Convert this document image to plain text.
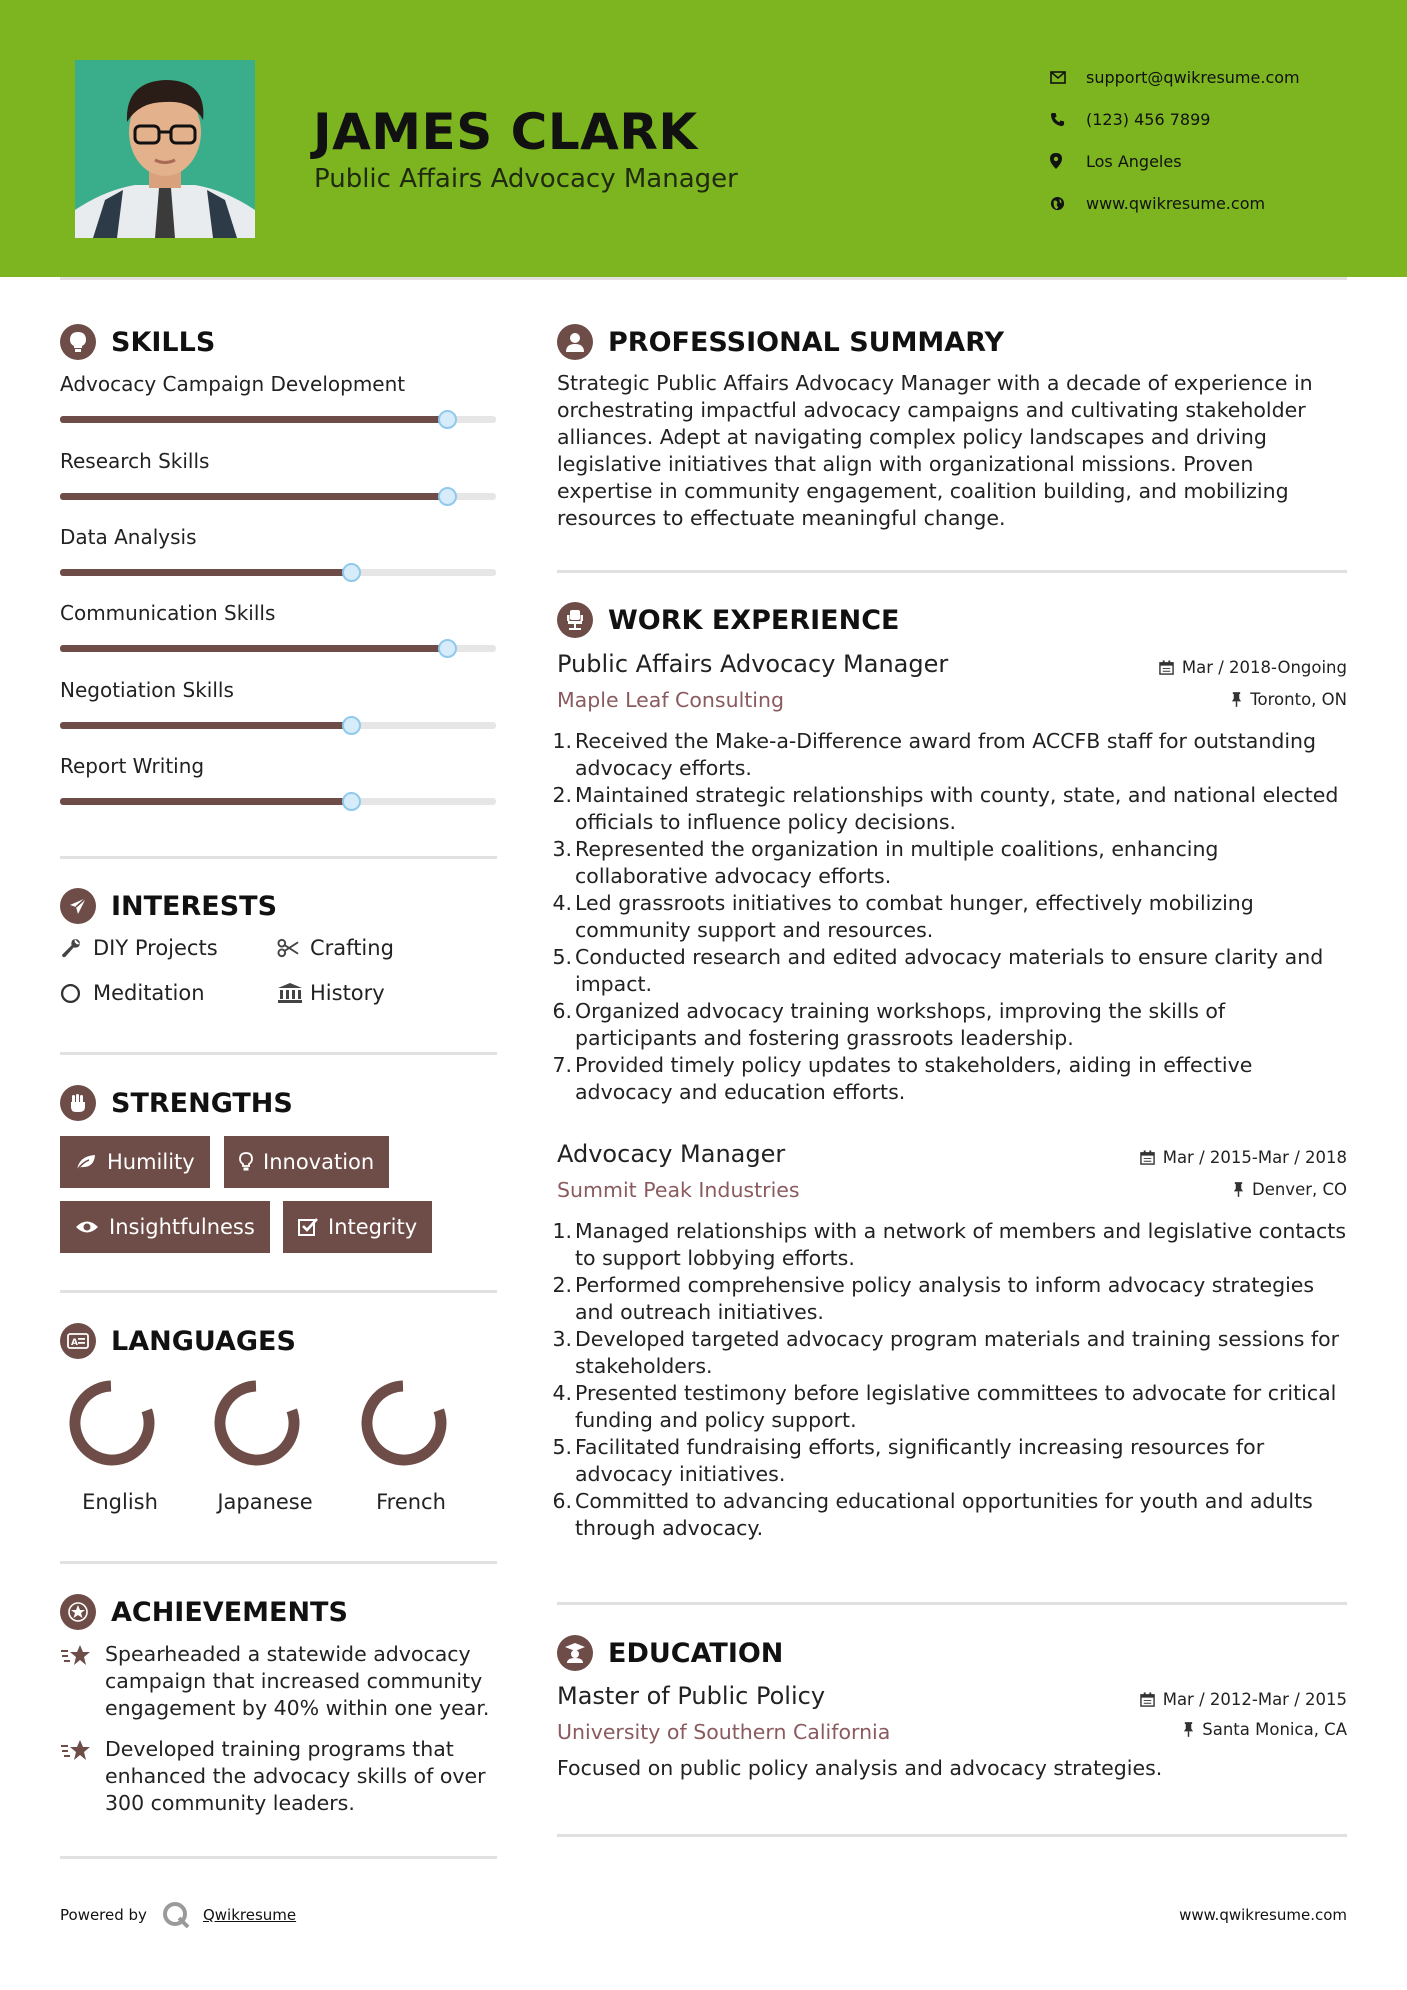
JAMES CLARK
Public Affairs Advocacy Manager
support@qwikresume.com
(123) 456 7899
Los Angeles
www.qwikresume.com
SKILLS
Advocacy Campaign Development
Research Skills
Data Analysis
Communication Skills
Negotiation Skills
Report Writing
INTERESTS
DIY Projects	Crafting
Meditation	History
STRENGTHS
Humility	Innovation
Insightfulness	Integrity
A LANGUAGES
English	Japanese	French
ACHIEVEMENTS
Spearheaded a statewide advocacy campaign that increased community engagement by 40% within one year.
Developed training programs that enhanced the advocacy skills of over 300 community leaders.
PROFESSIONAL SUMMARY
Strategic Public Affairs Advocacy Manager with a decade of experience in orchestrating impactful advocacy campaigns and cultivating stakeholder alliances. Adept at navigating complex policy landscapes and driving legislative initiatives that align with organizational missions. Proven expertise in community engagement, coalition building, and mobilizing resources to effectuate meaningful change.
WORK EXPERIENCE
Public Affairs Advocacy Manager	Mar / 2018-Ongoing
Maple Leaf Consulting	Toronto, ON
1. Received the Make-a-Difference award from ACCFB staff for outstanding advocacy efforts.
2. Maintained strategic relationships with county, state, and national elected officials to influence policy decisions.
3. Represented the organization in multiple coalitions, enhancing collaborative advocacy efforts.
4. Led grassroots initiatives to combat hunger, effectively mobilizing community support and resources.
5. Conducted research and edited advocacy materials to ensure clarity and impact.
6. Organized advocacy training workshops, improving the skills of participants and fostering grassroots leadership.
7. Provided timely policy updates to stakeholders, aiding in effective advocacy and education efforts.
Advocacy Manager	Mar / 2015-Mar / 2018
Summit Peak Industries	Denver, CO
1. Managed relationships with a network of members and legislative contacts to support lobbying efforts.
2. Performed comprehensive policy analysis to inform advocacy strategies and outreach initiatives.
3. Developed targeted advocacy program materials and training sessions for stakeholders.
4. Presented testimony before legislative committees to advocate for critical funding and policy support.
5. Facilitated fundraising efforts, significantly increasing resources for advocacy initiatives.
6. Committed to advancing educational opportunities for youth and adults through advocacy.
EDUCATION
Master of Public Policy	Mar / 2012-Mar / 2015
University of Southern California	Santa Monica, CA
Focused on public policy analysis and advocacy strategies.
Powered by	Qwikresume	www.qwikresume.com
